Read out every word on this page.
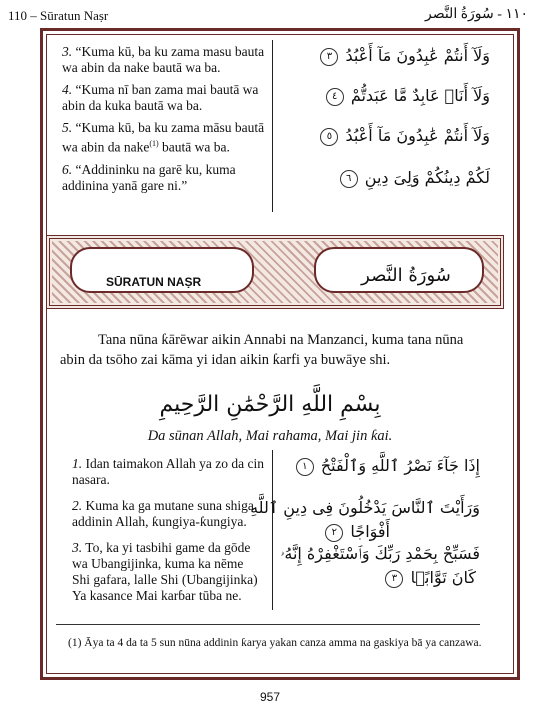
110 – Sūratun Naṣr	١١٠ - سُورَةُ النَّصر

3. “Kuma kū, ba ku zama masu bauta wa abin da nake bautā wa ba.

4. “Kuma nī ban zama mai bautā wa abin da kuka bautā wa ba.

5. “Kuma kū, ba ku zama māsu bautā wa abin da nake$^{(1)}$ bautā wa ba.

6. “Addininku na garē ku, kuma addinina yanā gare ni.”

وَلَآ أَنتُمْ عَٰبِدُونَ مَآ أَعْبُدُ ٣
وَلَآ أَنَا۠ عَابِدٌ مَّا عَبَدتُّمْ ٤
وَلَآ أَنتُمْ عَٰبِدُونَ مَآ أَعْبُدُ ٥
لَكُمْ دِينُكُمْ وَلِىَ دِينِ ٦
SŪRATUN NAṢR	سُورَةُ النَّصر
Tana nūna ƙārēwar aikin Annabi na Manzanci, kuma tana nūna abin da tsōho zai kāma yi idan aikin ƙarfi ya buwāye shi.
بِسْمِ اللَّهِ الرَّحْمَٰنِ الرَّحِيمِ
Da sūnan Allah, Mai rahama, Mai jin ƙai.

1. Idan taimakon Allah ya zo da cin nasara.

2. Kuma ka ga mutane suna shiga addinin Allah, ƙungiya-ƙungiya.

3. To, ka yi tasbihi game da gōde wa Ubangijinka, kuma ka nēme Shi gafara, lalle Shi (Ubangijinka) Ya kasance Mai karɓar tūba ne.

إِذَا جَآءَ نَصْرُ ٱللَّهِ وَٱلْفَتْحُ ١
وَرَأَيْتَ ٱلنَّاسَ يَدْخُلُونَ فِى دِينِ ٱللَّهِ
أَفْوَاجًا ٢
فَسَبِّحْ بِحَمْدِ رَبِّكَ وَٱسْتَغْفِرْهُ إِنَّهُۥ
كَانَ تَوَّابًۢا ٣
(1) Āya ta 4 da ta 5 sun nūna addinin ƙarya yakan canza amma na gaskiya bā ya canzawa.
957
